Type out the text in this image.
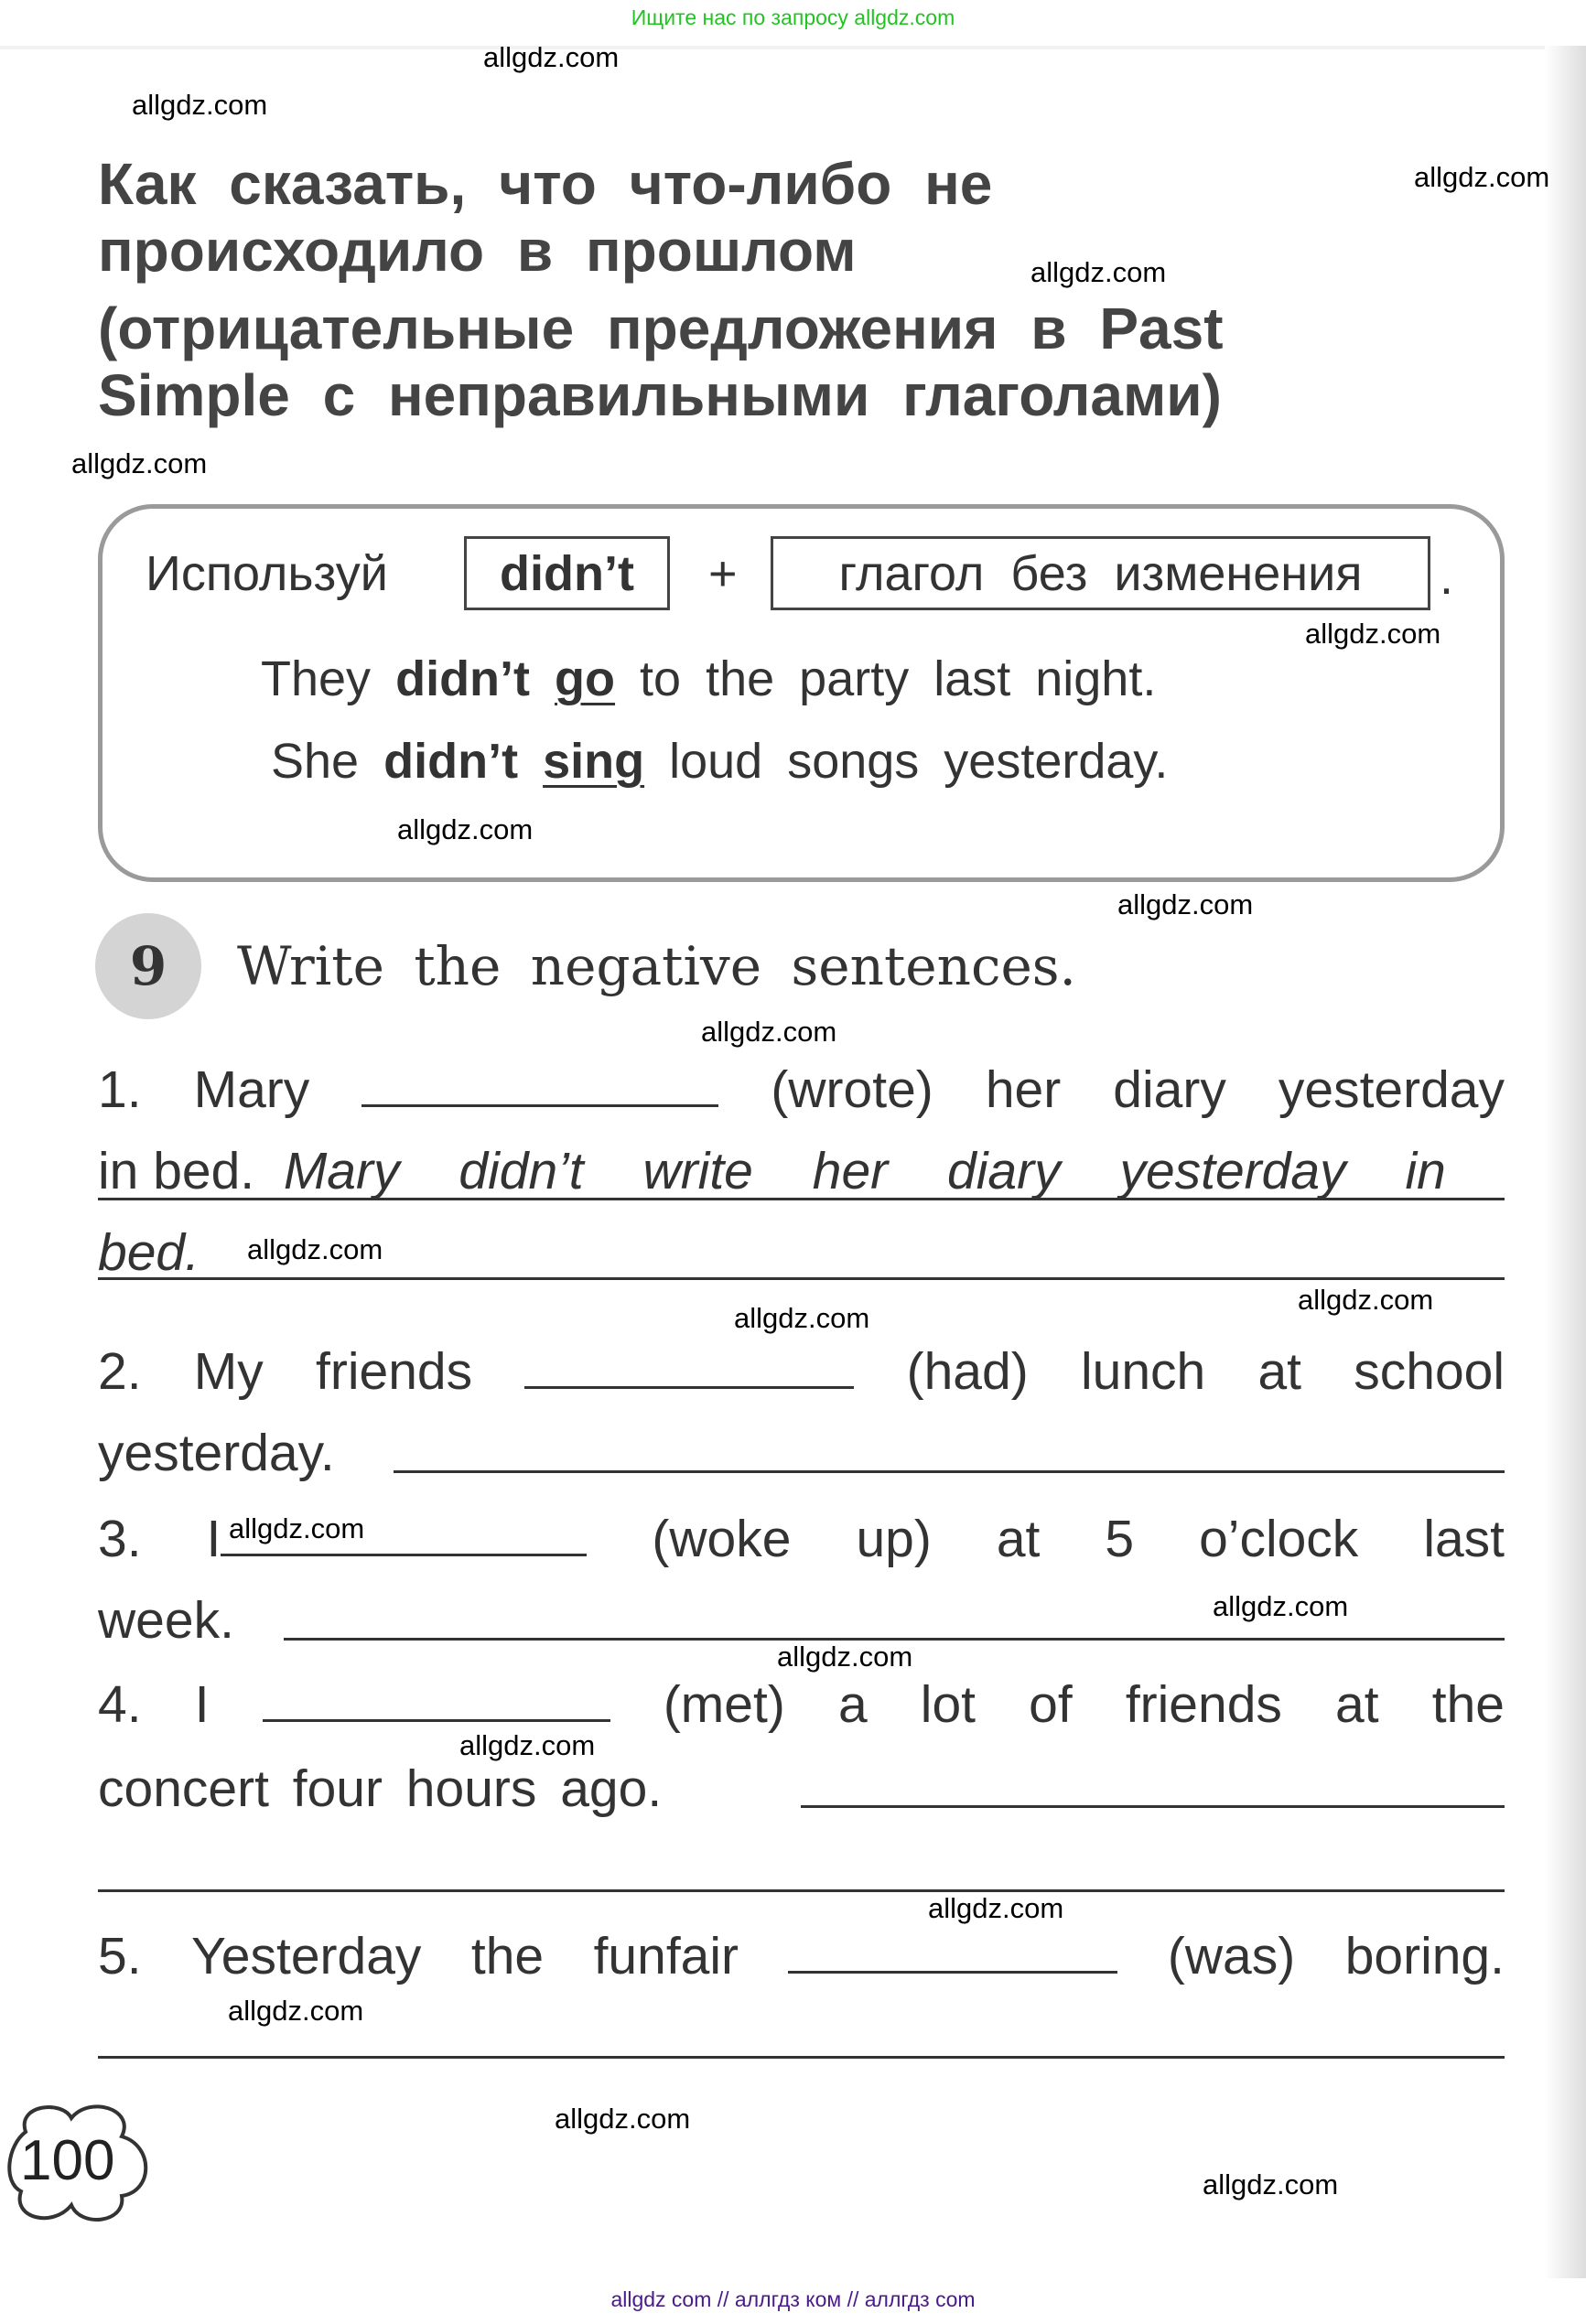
Ищите нас по запросу allgdz.com
Как сказать, что что-либо не
происходило в прошлом
(отрицательные предложения в Past
Simple с неправильными глаголами)
Используй	didn’t	+	глагол без изменения	.
They didn’t go to the party last night.
She didn’t sing loud songs yesterday.
9	Write the negative sentences.
1. Mary	(wrote) her diary yesterday
in bed. Mary didn’t write her diary yesterday in
bed.
2. My friends	(had) lunch at school
yesterday.
3. I	(woke up) at 5 o’clock last
week.
4. I	(met) a lot of friends at the
concert four hours ago.
5. Yesterday the funfair	(was) boring.
100
allgdz.com
allgdz.com
allgdz.com
allgdz.com
allgdz.com
allgdz.com
allgdz.com
allgdz.com
allgdz.com
allgdz.com
allgdz.com
allgdz.com
allgdz.com
allgdz.com
allgdz.com
allgdz.com
allgdz.com
allgdz.com
allgdz.com
allgdz.com
allgdz com // аллгдз ком // аллгдз com
